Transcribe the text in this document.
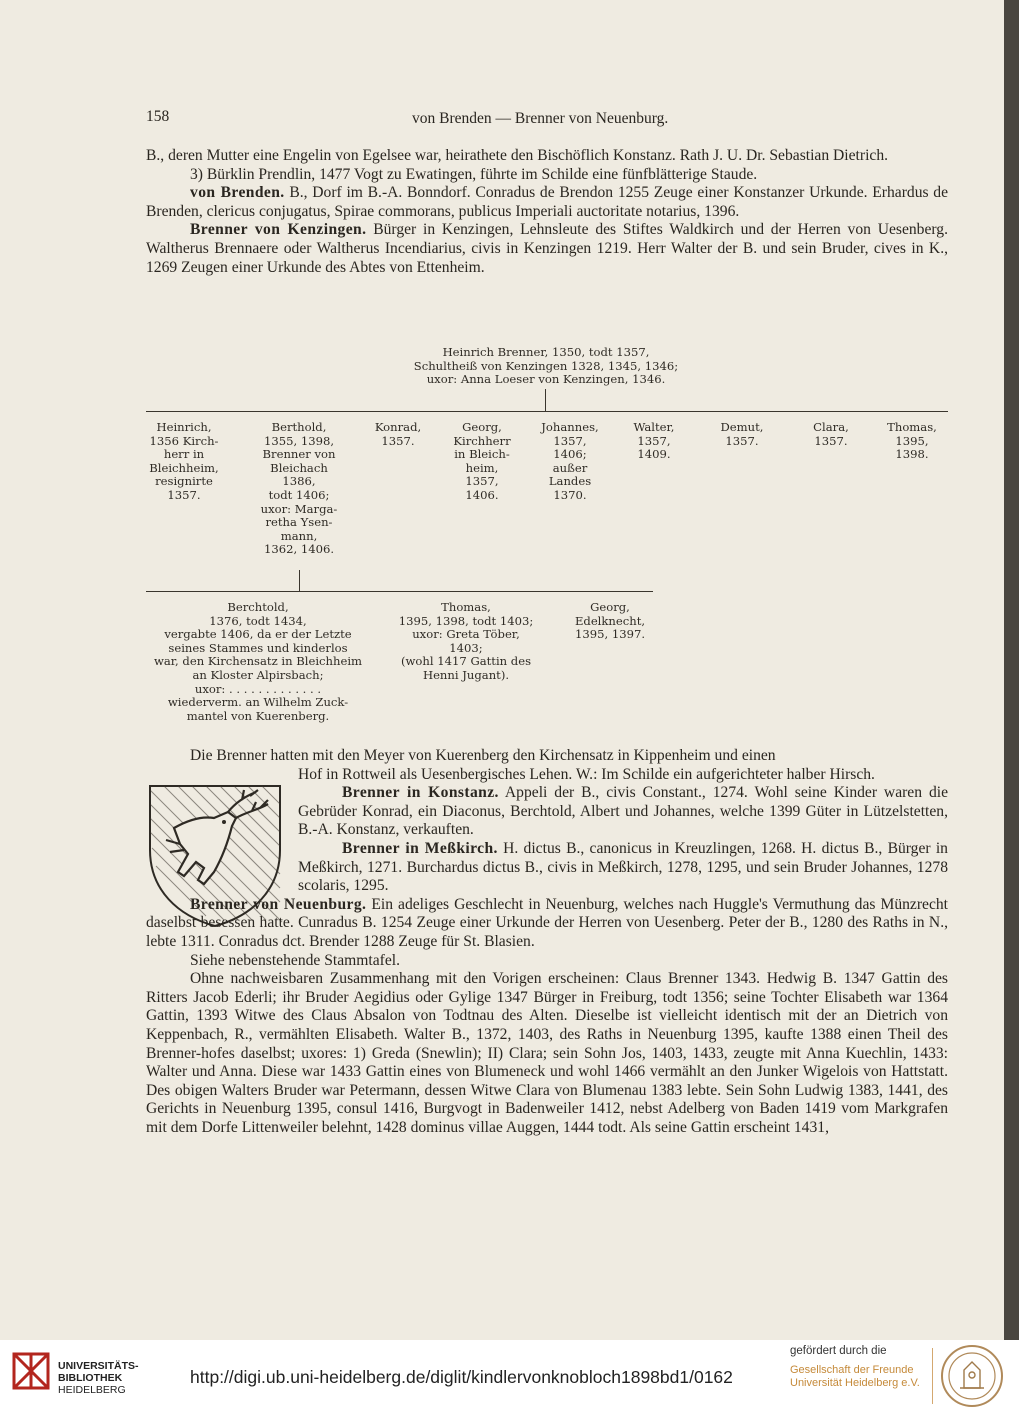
158	von Brenden — Brenner von Neuenburg.

B., deren Mutter eine Engelin von Egelsee war, heirathete den Bischöflich Konstanz. Rath J. U. Dr. Sebastian Dietrich.

3) Bürklin Prendlin, 1477 Vogt zu Ewatingen, führte im Schilde eine fünfblätterige Staude.

von Brenden. B., Dorf im B.-A. Bonndorf. Conradus de Brendon 1255 Zeuge einer Konstanzer Urkunde. Erhardus de Brenden, clericus conjugatus, Spirae commorans, publicus Imperiali auctoritate notarius, 1396.

Brenner von Kenzingen. Bürger in Kenzingen, Lehnsleute des Stiftes Waldkirch und der Herren von Uesenberg. Waltherus Brennaere oder Waltherus Incendiarius, civis in Kenzingen 1219. Herr Walter der B. und sein Bruder, cives in K., 1269 Zeugen einer Urkunde des Abtes von Ettenheim.

Heinrich Brenner, 1350, todt 1357,
Schultheiß von Kenzingen 1328, 1345, 1346;
uxor: Anna Loeser von Kenzingen, 1346.
Heinrich,
1356 Kirch-
herr in
Bleichheim,
resignirte
1357.
Berthold,
1355, 1398,
Brenner von
Bleichach
1386,
todt 1406;
uxor: Marga-
retha Ysen-
mann,
1362, 1406.
Konrad,
1357.
Georg,
Kirchherr
in Bleich-
heim,
1357,
1406.
Johannes,
1357,
1406;
außer
Landes
1370.
Walter,
1357,
1409.
Demut,
1357.
Clara,
1357.
Thomas,
1395,
1398.
Berchtold,
1376, todt 1434,
vergabte 1406, da er der Letzte
seines Stammes und kinderlos
war, den Kirchensatz in Bleichheim
an Kloster Alpirsbach;
uxor: . . . . . . . . . . . . .
wiederverm. an Wilhelm Zuck-
mantel von Kuerenberg.
Thomas,
1395, 1398, todt 1403;
uxor: Greta Töber,
1403;
(wohl 1417 Gattin des
Henni Jugant).
Georg,
Edelknecht,
1395, 1397.

Die Brenner hatten mit den Meyer von Kuerenberg den Kirchensatz in Kippenheim und einen

Hof in Rottweil als Uesenbergisches Lehen. W.: Im Schilde ein aufgerichteter halber Hirsch.

Brenner in Konstanz. Appeli der B., civis Constant., 1274. Wohl seine Kinder waren die Gebrüder Konrad, ein Diaconus, Berchtold, Albert und Johannes, welche 1399 Güter in Lützelstetten, B.-A. Konstanz, verkauften.

Brenner in Meßkirch. H. dictus B., canonicus in Kreuzlingen, 1268. H. dictus B., Bürger in Meßkirch, 1271. Burchardus dictus B., civis in Meßkirch, 1278, 1295, und sein Bruder Johannes, 1278 scolaris, 1295.

Brenner von Neuenburg. Ein adeliges Geschlecht in Neuenburg, welches nach Huggle's Vermuthung das Münzrecht daselbst besessen hatte. Cunradus B. 1254 Zeuge einer Urkunde der Herren von Uesenberg. Peter der B., 1280 des Raths in N., lebte 1311. Conradus dct. Brender 1288 Zeuge für St. Blasien.

Siehe nebenstehende Stammtafel.

Ohne nachweisbaren Zusammenhang mit den Vorigen erscheinen: Claus Brenner 1343. Hedwig B. 1347 Gattin des Ritters Jacob Ederli; ihr Bruder Aegidius oder Gylige 1347 Bürger in Freiburg, todt 1356; seine Tochter Elisabeth war 1364 Gattin, 1393 Witwe des Claus Absalon von Todtnau des Alten. Dieselbe ist vielleicht identisch mit der an Dietrich von Keppenbach, R., vermählten Elisabeth. Walter B., 1372, 1403, des Raths in Neuenburg 1395, kaufte 1388 einen Theil des Brenner-hofes daselbst; uxores: 1) Greda (Snewlin); II) Clara; sein Sohn Jos, 1403, 1433, zeugte mit Anna Kuechlin, 1433: Walter und Anna. Diese war 1433 Gattin eines von Blumeneck und wohl 1466 vermählt an den Junker Wigelois von Hattstatt. Des obigen Walters Bruder war Petermann, dessen Witwe Clara von Blumenau 1383 lebte. Sein Sohn Ludwig 1383, 1441, des Gerichts in Neuenburg 1395, consul 1416, Burgvogt in Badenweiler 1412, nebst Adelberg von Baden 1419 vom Markgrafen mit dem Dorfe Littenweiler belehnt, 1428 dominus villae Auggen, 1444 todt. Als seine Gattin erscheint 1431,

UNIVERSITÄTS-
BIBLIOTHEK
HEIDELBERG
http://digi.ub.uni-heidelberg.de/diglit/kindlervonknobloch1898bd1/0162
gefördert durch die
Gesellschaft der Freunde
Universität Heidelberg e.V.
